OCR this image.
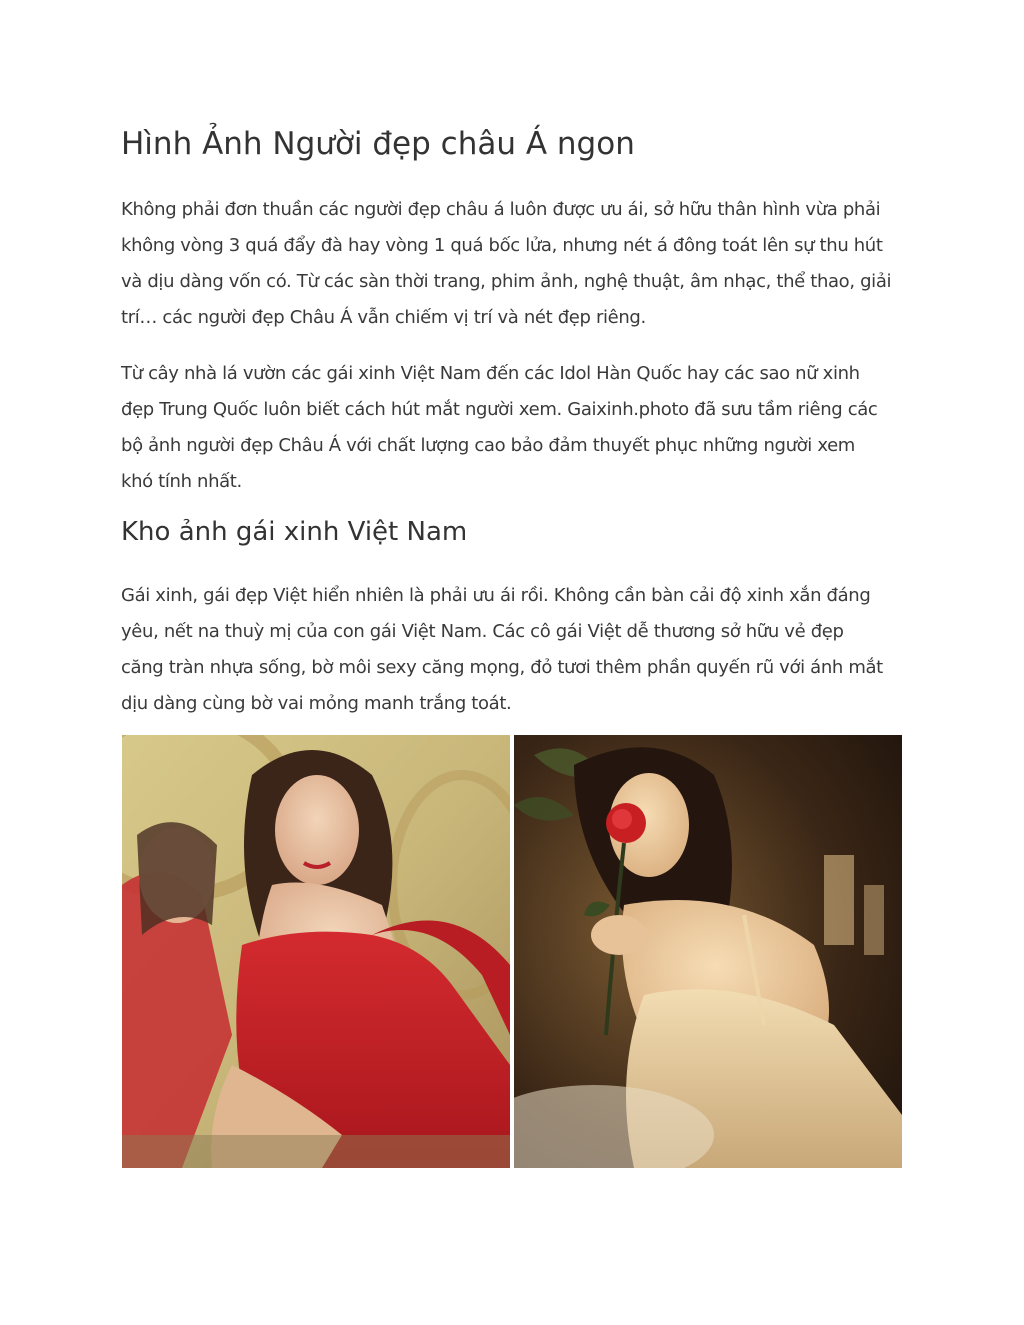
Hình Ảnh Người đẹp châu Á ngon

Không phải đơn thuần các người đẹp châu á luôn được ưu ái, sở hữu thân hình vừa phải
không vòng 3 quá đẩy đà hay vòng 1 quá bốc lửa, nhưng nét á đông toát lên sự thu hút
và dịu dàng vốn có. Từ các sàn thời trang, phim ảnh, nghệ thuật, âm nhạc, thể thao, giải
trí… các người đẹp Châu Á vẫn chiếm vị trí và nét đẹp riêng.

Từ cây nhà lá vườn các gái xinh Việt Nam đến các Idol Hàn Quốc hay các sao nữ xinh
đẹp Trung Quốc luôn biết cách hút mắt người xem. Gaixinh.photo đã sưu tầm riêng các
bộ ảnh người đẹp Châu Á với chất lượng cao bảo đảm thuyết phục những người xem
khó tính nhất.

Kho ảnh gái xinh Việt Nam

Gái xinh, gái đẹp Việt hiển nhiên là phải ưu ái rồi. Không cần bàn cải độ xinh xắn đáng
yêu, nết na thuỳ mị của con gái Việt Nam. Các cô gái Việt dễ thương sở hữu vẻ đẹp
căng tràn nhựa sống, bờ môi sexy căng mọng, đỏ tươi thêm phần quyến rũ với ánh mắt
dịu dàng cùng bờ vai mỏng manh trắng toát.
